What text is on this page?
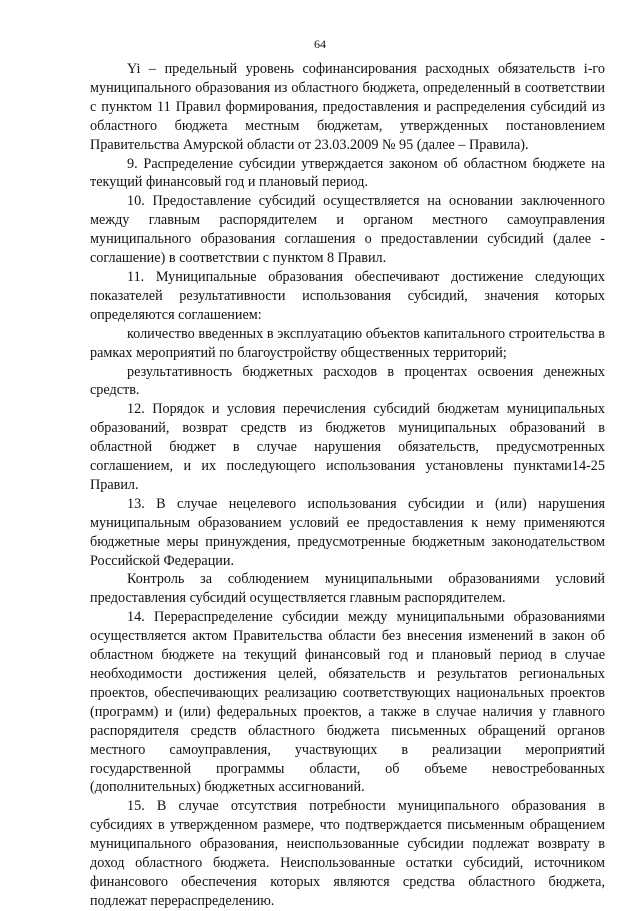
64

Yi – предельный уровень софинансирования расходных обязательств i-го муниципального образования из областного бюджета, определенный в соответствии с пунктом 11 Правил формирования, предоставления и распределения субсидий из областного бюджета местным бюджетам, утвержденных постановлением Правительства Амурской области от 23.03.2009 № 95 (далее – Правила).

9. Распределение субсидии утверждается законом об областном бюджете на текущий финансовый год и плановый период.

10. Предоставление субсидий осуществляется на основании заключенного между главным распорядителем и органом местного самоуправления муниципального образования соглашения о предоставлении субсидий (далее - соглашение) в соответствии с пунктом 8 Правил.

11. Муниципальные образования обеспечивают достижение следующих показателей результативности использования субсидий, значения которых определяются соглашением:

количество введенных в эксплуатацию объектов капитального строительства в рамках мероприятий по благоустройству общественных территорий;

результативность бюджетных расходов в процентах освоения денежных средств.

12. Порядок и условия перечисления субсидий бюджетам муниципальных образований, возврат средств из бюджетов муниципальных образований в областной бюджет в случае нарушения обязательств, предусмотренных соглашением, и их последующего использования установлены пунктами14-25 Правил.

13. В случае нецелевого использования субсидии и (или) нарушения муниципальным образованием условий ее предоставления к нему применяются бюджетные меры принуждения, предусмотренные бюджетным законодательством Российской Федерации.

Контроль за соблюдением муниципальными образованиями условий предоставления субсидий осуществляется главным распорядителем.

14. Перераспределение субсидии между муниципальными образованиями осуществляется актом Правительства области без внесения изменений в закон об областном бюджете на текущий финансовый год и плановый период в случае необходимости достижения целей, обязательств и результатов региональных проектов, обеспечивающих реализацию соответствующих национальных проектов (программ) и (или) федеральных проектов, а также в случае наличия у главного распорядителя средств областного бюджета письменных обращений органов местного самоуправления, участвующих в реализации мероприятий государственной программы области, об объеме невостребованных (дополнительных) бюджетных ассигнований.

15. В случае отсутствия потребности муниципального образования в субсидиях в утвержденном размере, что подтверждается письменным обращением муниципального образования, неиспользованные субсидии подлежат возврату в доход областного бюджета. Неиспользованные остатки субсидий, источником финансового обеспечения которых являются средства областного бюджета, подлежат перераспределению.
